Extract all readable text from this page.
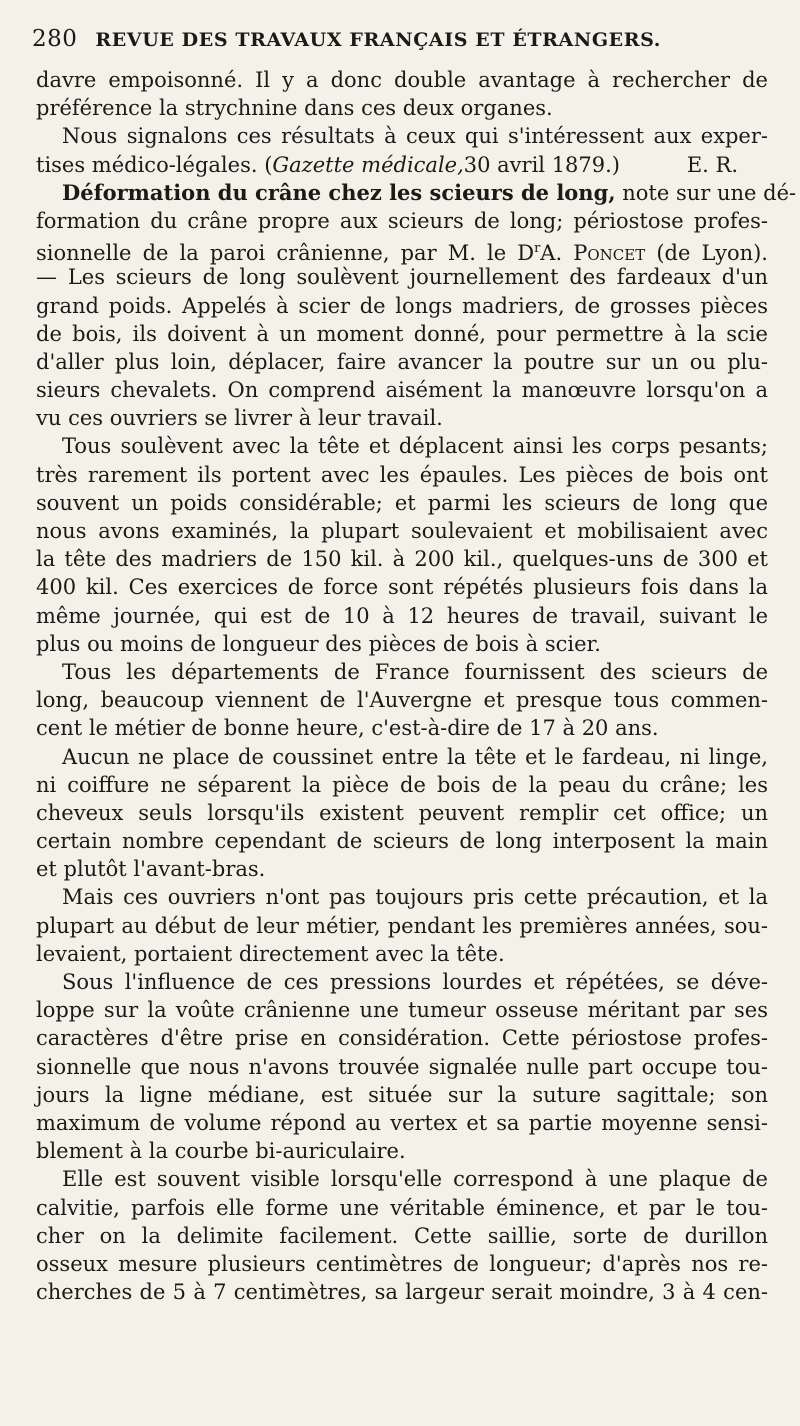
280 REVUE DES TRAVAUX FRANÇAIS ET ÉTRANGERS.
davre empoisonné. Il y a donc double avantage à rechercher de
préférence la strychnine dans ces deux organes.
Nous signalons ces résultats à ceux qui s'intéressent aux exper-
tises médico-légales. ( Gazette médicale, 30 avril 1879.)	E. R.
Déformation du crâne chez les scieurs de long, note sur une dé-
formation du crâne propre aux scieurs de long; périostose profes-
sionnelle de la paroi crânienne, par M. le $D^rA$. Poncet (de Lyon).
— Les scieurs de long soulèvent journellement des fardeaux d'un
grand poids. Appelés à scier de longs madriers, de grosses pièces
de bois, ils doivent à un moment donné, pour permettre à la scie
d'aller plus loin, déplacer, faire avancer la poutre sur un ou plu-
sieurs chevalets. On comprend aisément la manœuvre lorsqu'on a
vu ces ouvriers se livrer à leur travail.
Tous soulèvent avec la tête et déplacent ainsi les corps pesants;
très rarement ils portent avec les épaules. Les pièces de bois ont
souvent un poids considérable; et parmi les scieurs de long que
nous avons examinés, la plupart soulevaient et mobilisaient avec
la tête des madriers de 150 kil. à 200 kil., quelques-uns de 300 et
400 kil. Ces exercices de force sont répétés plusieurs fois dans la
même journée, qui est de 10 à 12 heures de travail, suivant le
plus ou moins de longueur des pièces de bois à scier.
Tous les départements de France fournissent des scieurs de
long, beaucoup viennent de l'Auvergne et presque tous commen-
cent le métier de bonne heure, c'est-à-dire de 17 à 20 ans.
Aucun ne place de coussinet entre la tête et le fardeau, ni linge,
ni coiffure ne séparent la pièce de bois de la peau du crâne; les
cheveux seuls lorsqu'ils existent peuvent remplir cet office; un
certain nombre cependant de scieurs de long interposent la main
et plutôt l'avant-bras.
Mais ces ouvriers n'ont pas toujours pris cette précaution, et la
plupart au début de leur métier, pendant les premières années, sou-
levaient, portaient directement avec la tête.
Sous l'influence de ces pressions lourdes et répétées, se déve-
loppe sur la voûte crânienne une tumeur osseuse méritant par ses
caractères d'être prise en considération. Cette périostose profes-
sionnelle que nous n'avons trouvée signalée nulle part occupe tou-
jours la ligne médiane, est située sur la suture sagittale; son
maximum de volume répond au vertex et sa partie moyenne sensi-
blement à la courbe bi-auriculaire.
Elle est souvent visible lorsqu'elle correspond à une plaque de
calvitie, parfois elle forme une véritable éminence, et par le tou-
cher on la delimite facilement. Cette saillie, sorte de durillon
osseux mesure plusieurs centimètres de longueur; d'après nos re-
cherches de 5 à 7 centimètres, sa largeur serait moindre, 3 à 4 cen-
